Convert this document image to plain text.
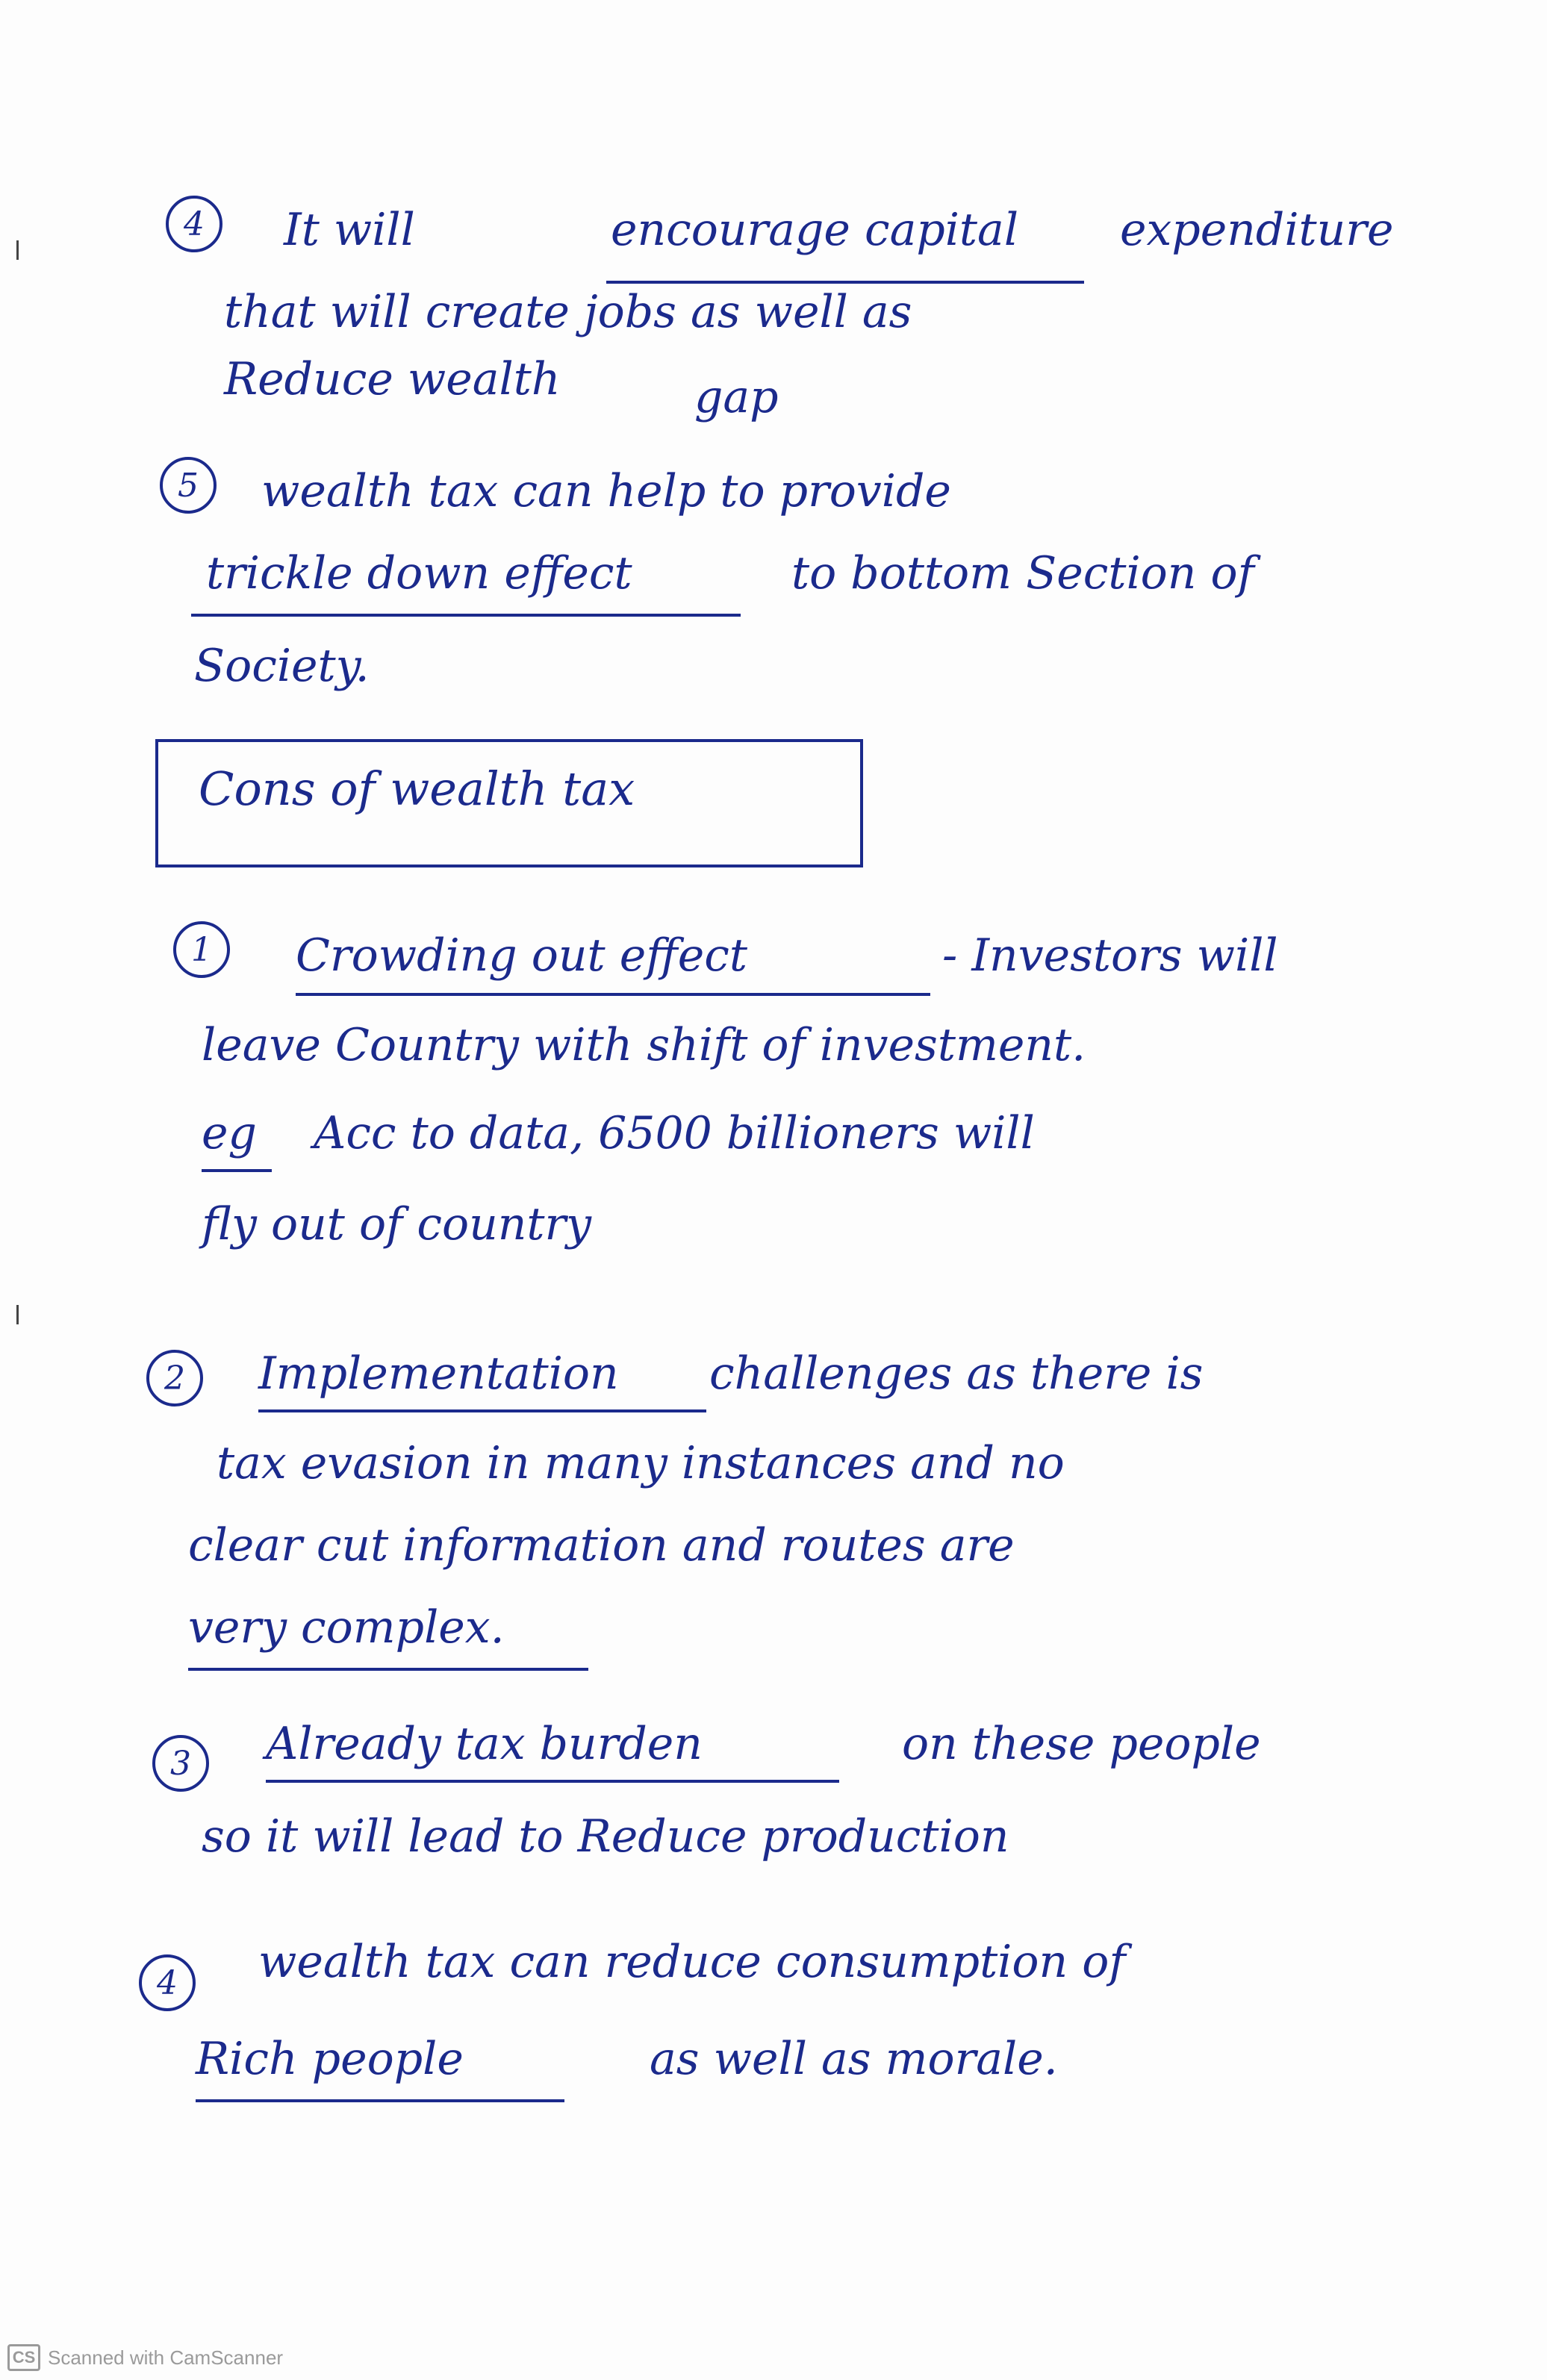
4	It will	encourage capital expenditure
that will create jobs as well as
Reduce wealth	gap
5	wealth tax can help to provide
trickle down effect	to bottom Section of
Society.
Cons of wealth tax
1	Crowding out effect	- Investors will
leave Country with shift of investment.
eg Acc to data, 6500 billioners will
fly out of country
2	Implementation challenges as there is
tax evasion in many instances and no
clear cut information and routes are
very complex.
3	Already tax burden	on these people
so it will lead to Reduce production
4	wealth tax can reduce consumption of
Rich people	as well as morale.
CS Scanned with CamScanner
